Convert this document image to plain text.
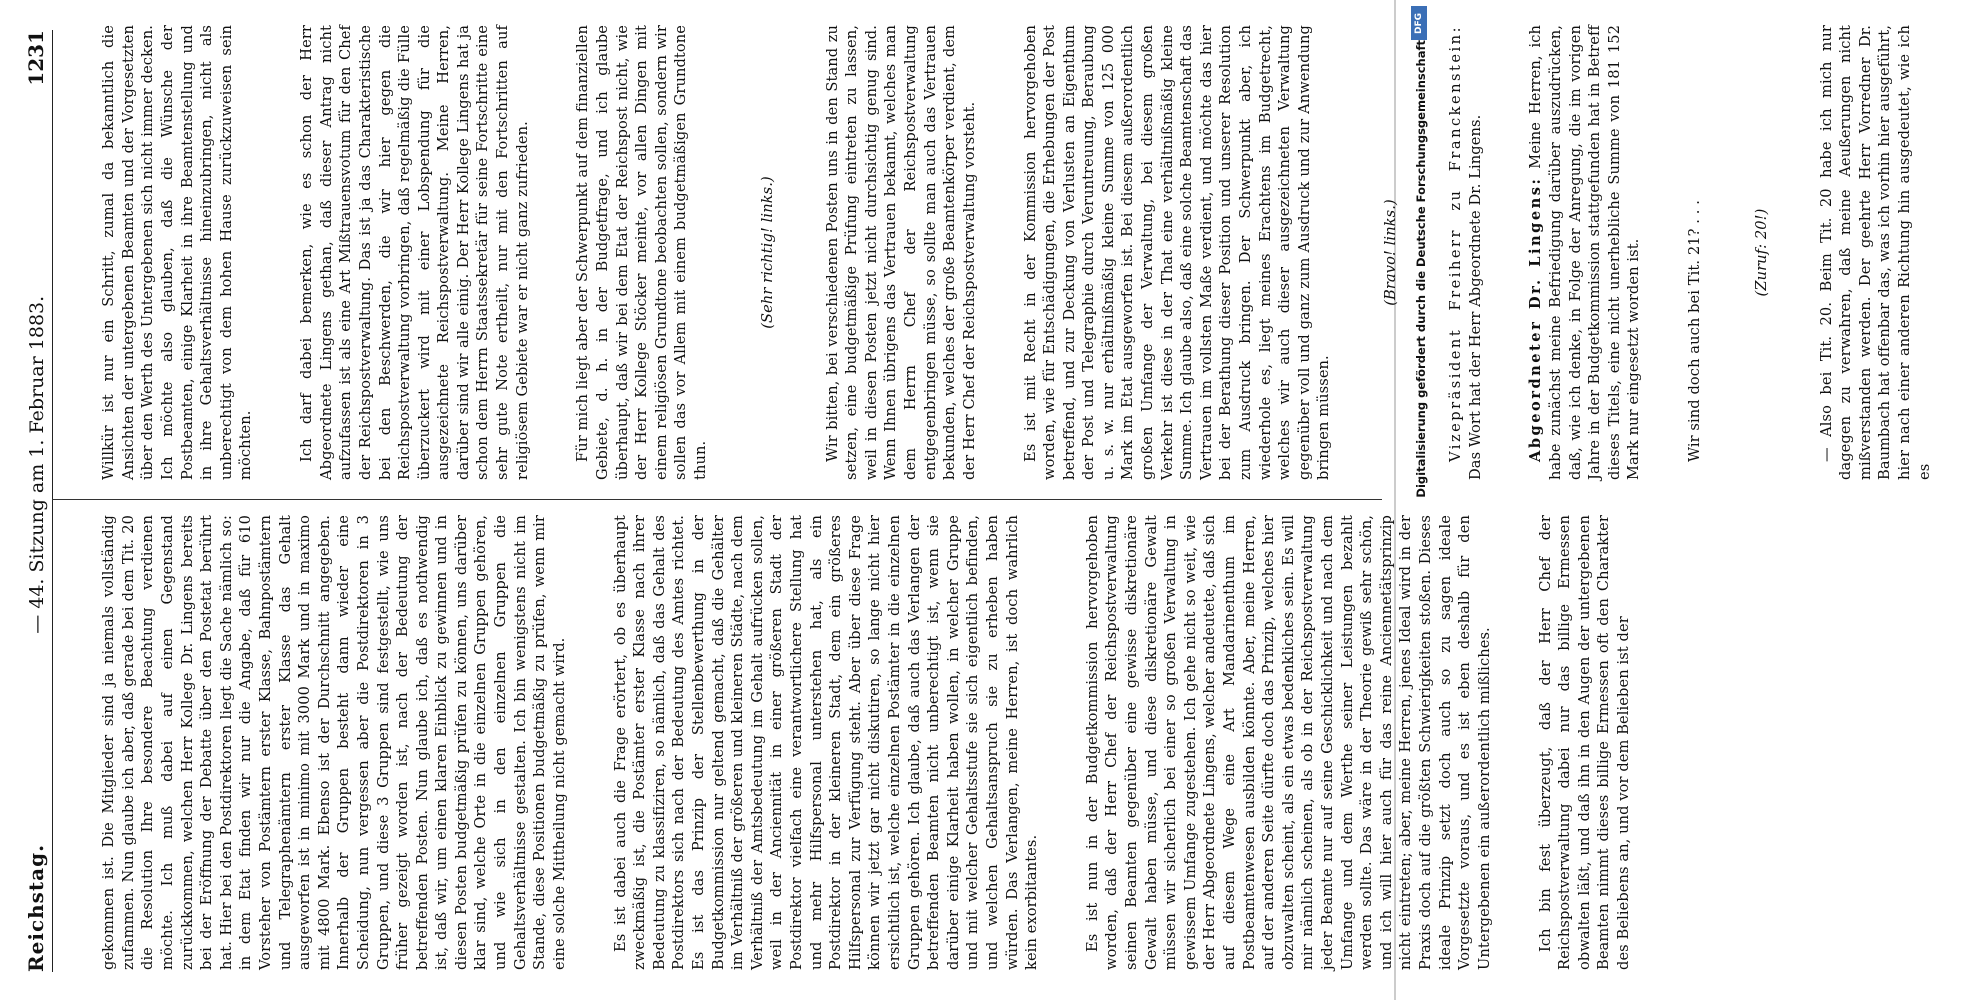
DFG
Digitalisierung gefördert durch die Deutsche Forschungsgemeinschaft
Reichstag.
— 44. Sitzung am 1. Februar 1883.
1231

gekommen ist. Die Mitglieder sind ja niemals vollständig zufammen. Nun glaube ich aber, daß gerade bei dem Tit. 20 die Resolution Ihre besondere Beachtung verdienen möchte. Ich muß dabei auf einen Gegenstand zurückkommen, welchen Herr Kollege Dr. Lingens bereits bei der Eröffnung der Debatte über den Postetat berührt hat. Hier bei den Postdirektoren liegt die Sache nämlich so: in dem Etat finden wir nur die Angabe, daß für 610 Vorsteher von Postämtern erster Klasse, Bahnpostämtern und Telegraphenämtern erster Klasse das Gehalt ausgeworfen ist in minimo mit 3000 Mark und in maximo mit 4800 Mark. Ebenso ist der Durchschnitt angegeben. Innerhalb der Gruppen besteht dann wieder eine Scheidung, nun vergessen aber die Postdirektoren in 3 Gruppen, und diese 3 Gruppen sind festgestellt, wie uns früher gezeigt worden ist, nach der Bedeutung der betreffenden Posten. Nun glaube ich, daß es nothwendig ist, daß wir, um einen klaren Einblick zu gewinnen und in diesen Posten budgetmäßig prüfen zu können, uns darüber klar sind, welche Orte in die einzelnen Gruppen gehören, und wie sich in den einzelnen Gruppen die Gehaltsverhältnisse gestalten. Ich bin wenigstens nicht im Stande, diese Positionen budgetmäßig zu prüfen, wenn mir eine solche Mittheilung nicht gemacht wird.

	Es ist dabei auch die Frage erörtert, ob es überhaupt zweckmäßig ist, die Postämter erster Klasse nach ihrer Bedeutung zu klassifiziren, so nämlich, daß das Gehalt des Postdirektors sich nach der Bedeutung des Amtes richtet. Es ist das Prinzip der Stellenbewerthung in der Budgetkommission nur geltend gemacht, daß die Gehälter im Verhältniß der größeren und kleineren Städte, nach dem Verhältniß der Amtsbedeutung im Gehalt aufrücken sollen, weil in der Anciennität in einer größeren Stadt der Postdirektor vielfach eine verantwortlichere Stellung hat und mehr Hilfspersonal unterstehen hat, als ein Postdirektor in der kleineren Stadt, dem ein größeres Hilfspersonal zur Verfügung steht. Aber über diese Frage können wir jetzt gar nicht diskutiren, so lange nicht hier ersichtlich ist, welche einzelnen Postämter in die einzelnen Gruppen gehören. Ich glaube, daß auch das Verlangen der betreffenden Beamten nicht unberechtigt ist, wenn sie darüber einige Klarheit haben wollen, in welcher Gruppe und mit welcher Gehaltsstufe sie sich eigentlich befinden, und welchen Gehaltsanspruch sie zu erheben haben würden. Das Verlangen, meine Herren, ist doch wahrlich kein exorbitantes.

	Es ist nun in der Budgetkommission hervorgehoben worden, daß der Herr Chef der Reichspostverwaltung seinen Beamten gegenüber eine gewisse diskretionäre Gewalt haben müsse, und diese diskretionäre Gewalt müssen wir sicherlich bei einer so großen Verwaltung in gewissem Umfange zugestehen. Ich gehe nicht so weit, wie der Herr Abgeordnete Lingens, welcher andeutete, daß sich auf diesem Wege eine Art Mandarinenthum im Postbeamtenwesen ausbilden könnte. Aber, meine Herren, auf der anderen Seite dürfte doch das Prinzip, welches hier obzuwalten scheint, als ein etwas bedenkliches sein. Es will mir nämlich scheinen, als ob in der Reichspostverwaltung jeder Beamte nur auf seine Geschicklichkeit und nach dem Umfange und dem Werthe seiner Leistungen bezahlt werden sollte. Das wäre in der Theorie gewiß sehr schön, und ich will hier auch für das reine Anciennetätsprinzip nicht eintreten; aber, meine Herren, jenes Ideal wird in der Praxis doch auf die größten Schwierigkeiten stoßen. Dieses ideale Prinzip setzt doch auch so zu sagen ideale Vorgesetzte voraus, und es ist eben deshalb für den Untergebenen ein außerordentlich mißliches.

	Ich bin fest überzeugt, daß der Herr Chef der Reichspostverwaltung dabei nur das billige Ermessen obwalten läßt, und daß ihn in den Augen der untergebenen Beamten nimmt dieses billige Ermessen oft den Charakter des Beliebens an, und vor dem Belieben ist der

Willkür ist nur ein Schritt, zumal da bekanntlich die Ansichten der untergebenen Beamten und der Vorgesetzten über den Werth des Untergebenen sich nicht immer decken. Ich möchte also glauben, daß die Wünsche der Postbeamten, einige Klarheit in ihre Beamtenstellung und in ihre Gehaltsverhältnisse hineinzubringen, nicht als unberechtigt von dem hohen Hause zurückzuweisen sein möchten.

	Ich darf dabei bemerken, wie es schon der Herr Abgeordnete Lingens gethan, daß dieser Antrag nicht aufzufassen ist als eine Art Mißtrauensvotum für den Chef der Reichspostverwaltung. Das ist ja das Charakteristische bei den Beschwerden, die wir hier gegen die Reichspostverwaltung vorbringen, daß regelmäßig die Fülle überzuckert wird mit einer Lobspendung für die ausgezeichnete Reichspostverwaltung. Meine Herren, darüber sind wir alle einig. Der Herr Kollege Lingens hat ja schon dem Herrn Staatssekretär für seine Fortschritte eine sehr gute Note ertheilt, nur mit den Fortschritten auf religiösem Gebiete war er nicht ganz zufrieden.

	Für mich liegt aber der Schwerpunkt auf dem finanziellen Gebiete, d. h. in der Budgetfrage, und ich glaube überhaupt, daß wir bei dem Etat der Reichspost nicht, wie der Herr Kollege Stöcker meinte, vor allen Dingen mit einem religiösen Grundtone beobachten sollen, sondern wir sollen das vor Allem mit einem budgetmäßigen Grundtone thun.

(Sehr richtig! links.)

	Wir bitten, bei verschiedenen Posten uns in den Stand zu setzen, eine budgetmäßige Prüfung eintreten zu lassen, weil in diesen Posten jetzt nicht durchsichtig genug sind. Wenn Ihnen übrigens das Vertrauen bekannt, welches man dem Herrn Chef der Reichspostverwaltung entgegenbringen müsse, so sollte man auch das Vertrauen bekunden, welches der große Beamtenkörper verdient, dem der Herr Chef der Reichspostverwaltung vorsteht.

	Es ist mit Recht in der Kommission hervorgehoben worden, wie für Entschädigungen, die Erhebungen der Post betreffend, und zur Deckung von Verlusten an Eigenthum der Post und Telegraphie durch Veruntreuung, Beraubung u. s. w. nur erhältnißmäßig kleine Summe von 125 000 Mark im Etat ausgeworfen ist. Bei diesem außerordentlich großen Umfange der Verwaltung, bei diesem großen Verkehr ist diese in der That eine verhältnißmäßig kleine Summe. Ich glaube also, daß eine solche Beamtenschaft das Vertrauen im vollsten Maße verdient, und möchte das hier bei der Berathung dieser Position und unserer Resolution zum Ausdruck bringen. Der Schwerpunkt aber, ich wiederhole es, liegt meines Erachtens im Budgetrecht, welches wir auch dieser ausgezeichneten Verwaltung gegenüber voll und ganz zum Ausdruck und zur Anwendung bringen müssen.

(Bravo! links.)

	Vizepräsident Freiherr zu Franckenstein: Das Wort hat der Herr Abgeordnete Dr. Lingens.

	Abgeordneter Dr. Lingens: Meine Herren, ich habe zunächst meine Befriedigung darüber auszudrücken, daß, wie ich denke, in Folge der Anregung, die im vorigen Jahre in der Budgetkommission stattgefunden hat in Betreff dieses Titels, eine nicht unerhebliche Summe von 181 152 Mark nur eingesetzt worden ist.

	Wir sind doch auch bei Tit. 21? . . .

	(Zuruf: 20!)

	— Also bei Tit. 20. Beim Tit. 20 habe ich mich nur dagegen zu verwahren, daß meine Aeußerungen nicht mißverstanden werden. Der geehrte Herr Vorredner Dr. Baumbach hat offenbar das, was ich vorhin hier ausgeführt, hier nach einer anderen Richtung hin ausgedeutet, wie ich es
